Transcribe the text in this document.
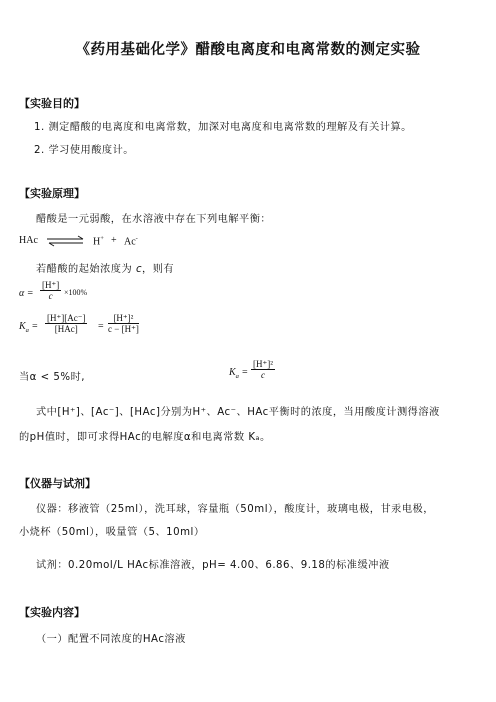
《药用基础化学》醋酸电离度和电离常数的测定实验
【实验目的】
1. 测定醋酸的电离度和电离常数，加深对电离度和电离常数的理解及有关计算。
2. 学习使用酸度计。
【实验原理】
醋酸是一元弱酸，在水溶液中存在下列电解平衡：
HAc ⇌ H+ + Ac-
若醋酸的起始浓度为 c，则有
$\alpha = \frac{[H^+]}{c} \times 100\%$
$K_a$ =
[H⁺][Ac⁻]
[HAc]	= $\frac{\text{[H⁺]²}}{c - [H^+]}$
当α < 5%时,	$K_a = \frac{\text{[H⁺]²}}{c}$
式中[H⁺]、[Ac⁻]、[HAc]分别为H⁺、Ac⁻、HAc平衡时的浓度，当用酸度计测得溶液
的pH值时，即可求得HAc的电解度α和电离常数 Kₐ。
【仪器与试剂】
仪器：移液管（25ml），洗耳球，容量瓶（50ml），酸度计，玻璃电极，甘汞电极，
小烧杯（50ml），吸量管（5、10ml）
试剂：0.20mol/L HAc标准溶液，pH= 4.00、6.86、9.18的标准缓冲液
【实验内容】
（一）配置不同浓度的HAc溶液
